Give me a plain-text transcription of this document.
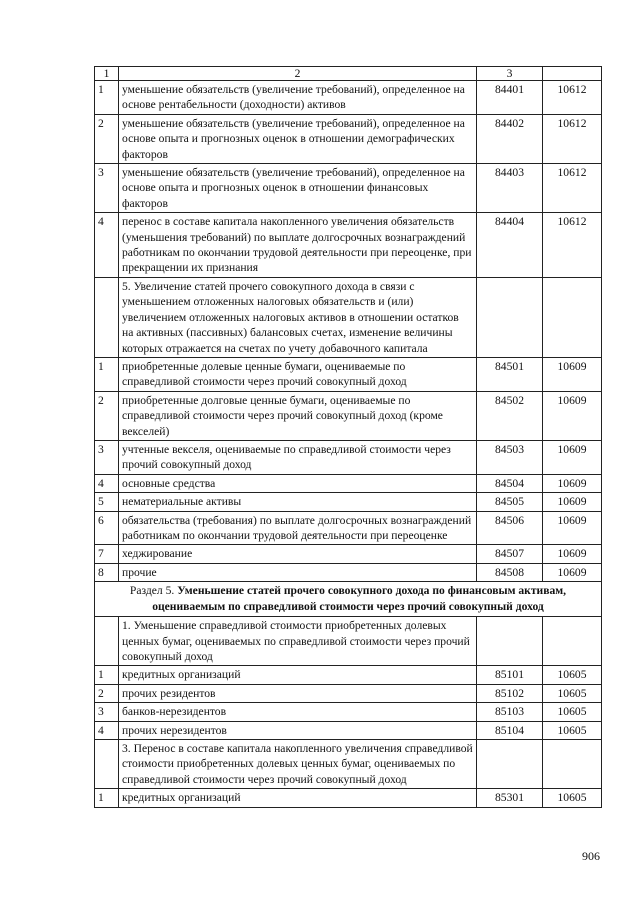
1	2	3	
1	уменьшение обязательств (увеличение требований), определенное на основе рентабельности (доходности) активов	84401	10612
2	уменьшение обязательств (увеличение требований), определенное на основе опыта и прогнозных оценок в отношении демографических факторов	84402	10612
3	уменьшение обязательств (увеличение требований), определенное на основе опыта и прогнозных оценок в отношении финансовых факторов	84403	10612
4	перенос в составе капитала накопленного увеличения обязательств (уменьшения требований) по выплате долгосрочных вознаграждений работникам по окончании трудовой деятельности при переоценке, при прекращении их признания	84404	10612
	5. Увеличение статей прочего совокупного дохода в связи с уменьшением отложенных налоговых обязательств и (или) увеличением отложенных налоговых активов в отношении остатков на активных (пассивных) балансовых счетах, изменение величины которых отражается на счетах по учету добавочного капитала		
1	приобретенные долевые ценные бумаги, оцениваемые по справедливой стоимости через прочий совокупный доход	84501	10609
2	приобретенные долговые ценные бумаги, оцениваемые по справедливой стоимости через прочий совокупный доход (кроме векселей)	84502	10609
3	учтенные векселя, оцениваемые по справедливой стоимости через прочий совокупный доход	84503	10609
4	основные средства	84504	10609
5	нематериальные активы	84505	10609
6	обязательства (требования) по выплате долгосрочных вознаграждений работникам по окончании трудовой деятельности при переоценке	84506	10609
7	хеджирование	84507	10609
8	прочие	84508	10609
Раздел 5. Уменьшение статей прочего совокупного дохода по финансовым активам, оцениваемым по справедливой стоимости через прочий совокупный доход			
	1. Уменьшение справедливой стоимости приобретенных долевых ценных бумаг, оцениваемых по справедливой стоимости через прочий совокупный доход		
1	кредитных организаций	85101	10605
2	прочих резидентов	85102	10605
3	банков-нерезидентов	85103	10605
4	прочих нерезидентов	85104	10605
	3. Перенос в составе капитала накопленного увеличения справедливой стоимости приобретенных долевых ценных бумаг, оцениваемых по справедливой стоимости через прочий совокупный доход		
1	кредитных организаций	85301	10605
906
